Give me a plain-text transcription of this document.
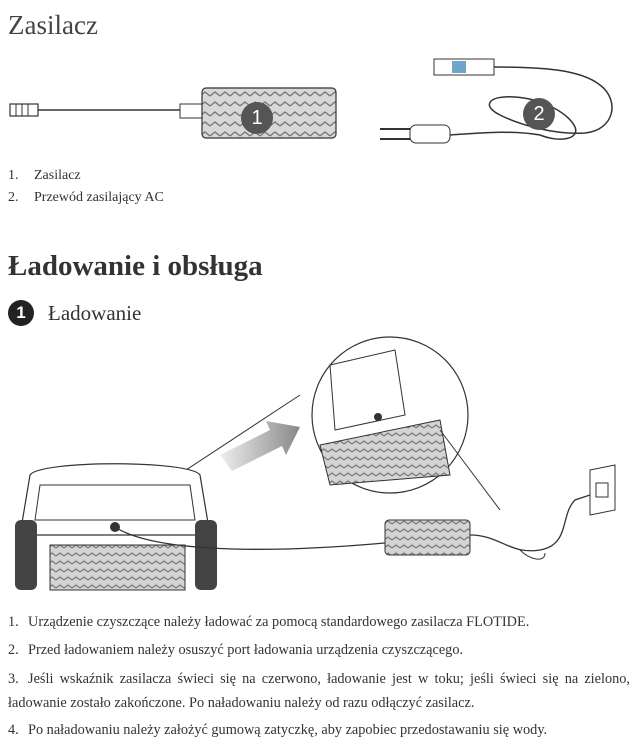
Zasilacz
1	2
1. Zasilacz
2. Przewód zasilający AC
Ładowanie i obsługa
1	Ładowanie
1. Urządzenie czyszczące należy ładować za pomocą standardowego zasilacza FLOTIDE.
2. Przed ładowaniem należy osuszyć port ładowania urządzenia czyszczącego.
3. Jeśli wskaźnik zasilacza świeci się na czerwono, ładowanie jest w toku; jeśli świeci się na zielono, ładowanie zostało zakończone. Po naładowaniu należy od razu odłączyć zasilacz.
4. Po naładowaniu należy założyć gumową zatyczkę, aby zapobiec przedostawaniu się wody.
